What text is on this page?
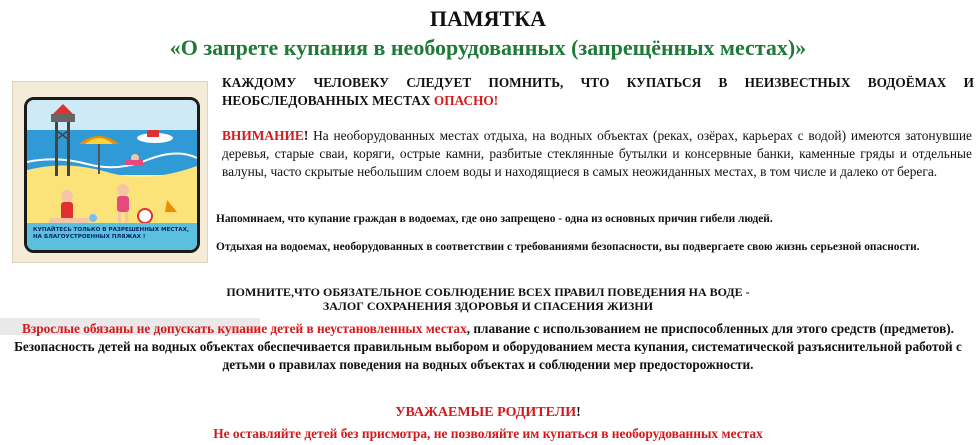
ПАМЯТКА
«О запрете купания в необорудованных (запрещённых местах)»
КУПАЙТЕСЬ ТОЛЬКО В РАЗРЕШЕННЫХ МЕСТАХ,
НА БЛАГОУСТРОЕННЫХ ПЛЯЖАХ !
КАЖДОМУ ЧЕЛОВЕКУ СЛЕДУЕТ ПОМНИТЬ, ЧТО КУПАТЬСЯ В НЕИЗВЕСТНЫХ ВОДОЁМАХ И НЕОБСЛЕДОВАННЫХ МЕСТАХ ОПАСНО!
ВНИМАНИЕ! На необорудованных местах отдыха, на водных объектах (реках, озёрах, карьерах с водой) имеются затонувшие деревья, старые сваи, коряги, острые камни, разбитые стеклянные бутылки и консервные банки, каменные гряды и отдельные валуны, часто скрытые небольшим слоем воды и находящиеся в самых неожиданных местах, в том числе и далеко от берега.
Напоминаем, что купание граждан в водоемах, где оно запрещено - одна из основных причин гибели людей.
Отдыхая на водоемах, необорудованных в соответствии с требованиями безопасности, вы подвергаете свою жизнь серьезной опасности.
ПОМНИТЕ,ЧТО ОБЯЗАТЕЛЬНОЕ СОБЛЮДЕНИЕ ВСЕХ ПРАВИЛ ПОВЕДЕНИЯ НА ВОДЕ -
ЗАЛОГ СОХРАНЕНИЯ ЗДОРОВЬЯ И СПАСЕНИЯ ЖИЗНИ
Взрослые обязаны не допускать купание детей в неустановленных местах, плавание с использованием не приспособленных для этого средств (предметов). Безопасность детей на водных объектах обеспечивается правильным выбором и оборудованием места купания, систематической разъяснительной работой с детьми о правилах поведения на водных объектах и соблюдении мер предосторожности.
УВАЖАЕМЫЕ РОДИТЕЛИ!
Не оставляйте детей без присмотра, не позволяйте им купаться в необорудованных местах
